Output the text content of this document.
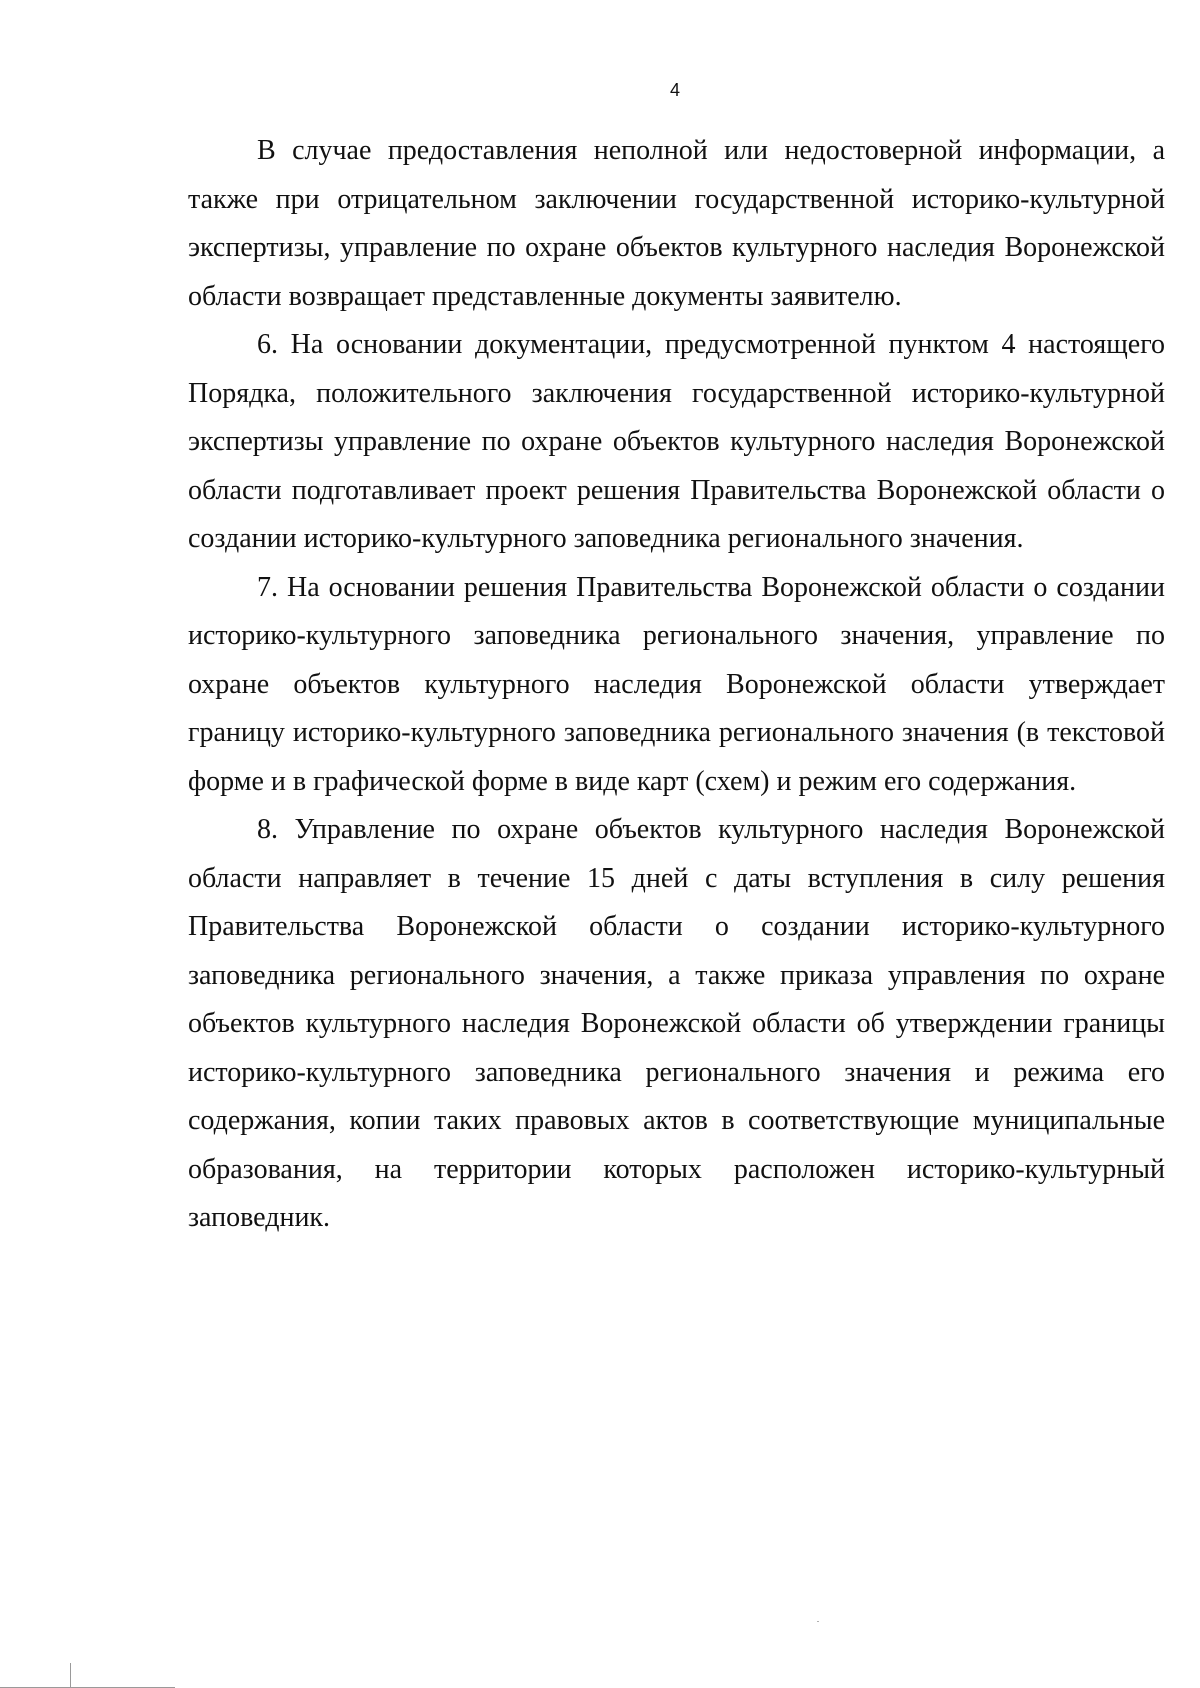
4

В случае предоставления неполной или недостоверной информации, а также при отрицательном заключении государственной историко-культурной экспертизы, управление по охране объектов культурного наследия Воронежской области возвращает представленные документы заявителю.

6. На основании документации, предусмотренной пунктом 4 настоящего Порядка, положительного заключения государственной историко-культурной экспертизы управление по охране объектов культурного наследия Воронежской области подготавливает проект решения Правительства Воронежской области о создании историко-культурного заповедника регионального значения.

7. На основании решения Правительства Воронежской области о создании историко-культурного заповедника регионального значения, управление по охране объектов культурного наследия Воронежской области утверждает границу историко-культурного заповедника регионального значения (в текстовой форме и в графической форме в виде карт (схем) и режим его содержания.

8. Управление по охране объектов культурного наследия Воронежской области направляет в течение 15 дней с даты вступления в силу решения Правительства Воронежской области о создании историко-культурного заповедника регионального значения, а также приказа управления по охране объектов культурного наследия Воронежской области об утверждении границы историко-культурного заповедника регионального значения и режима его содержания, копии таких правовых актов в соответствующие муниципальные образования, на территории которых расположен историко-культурный заповедник.
